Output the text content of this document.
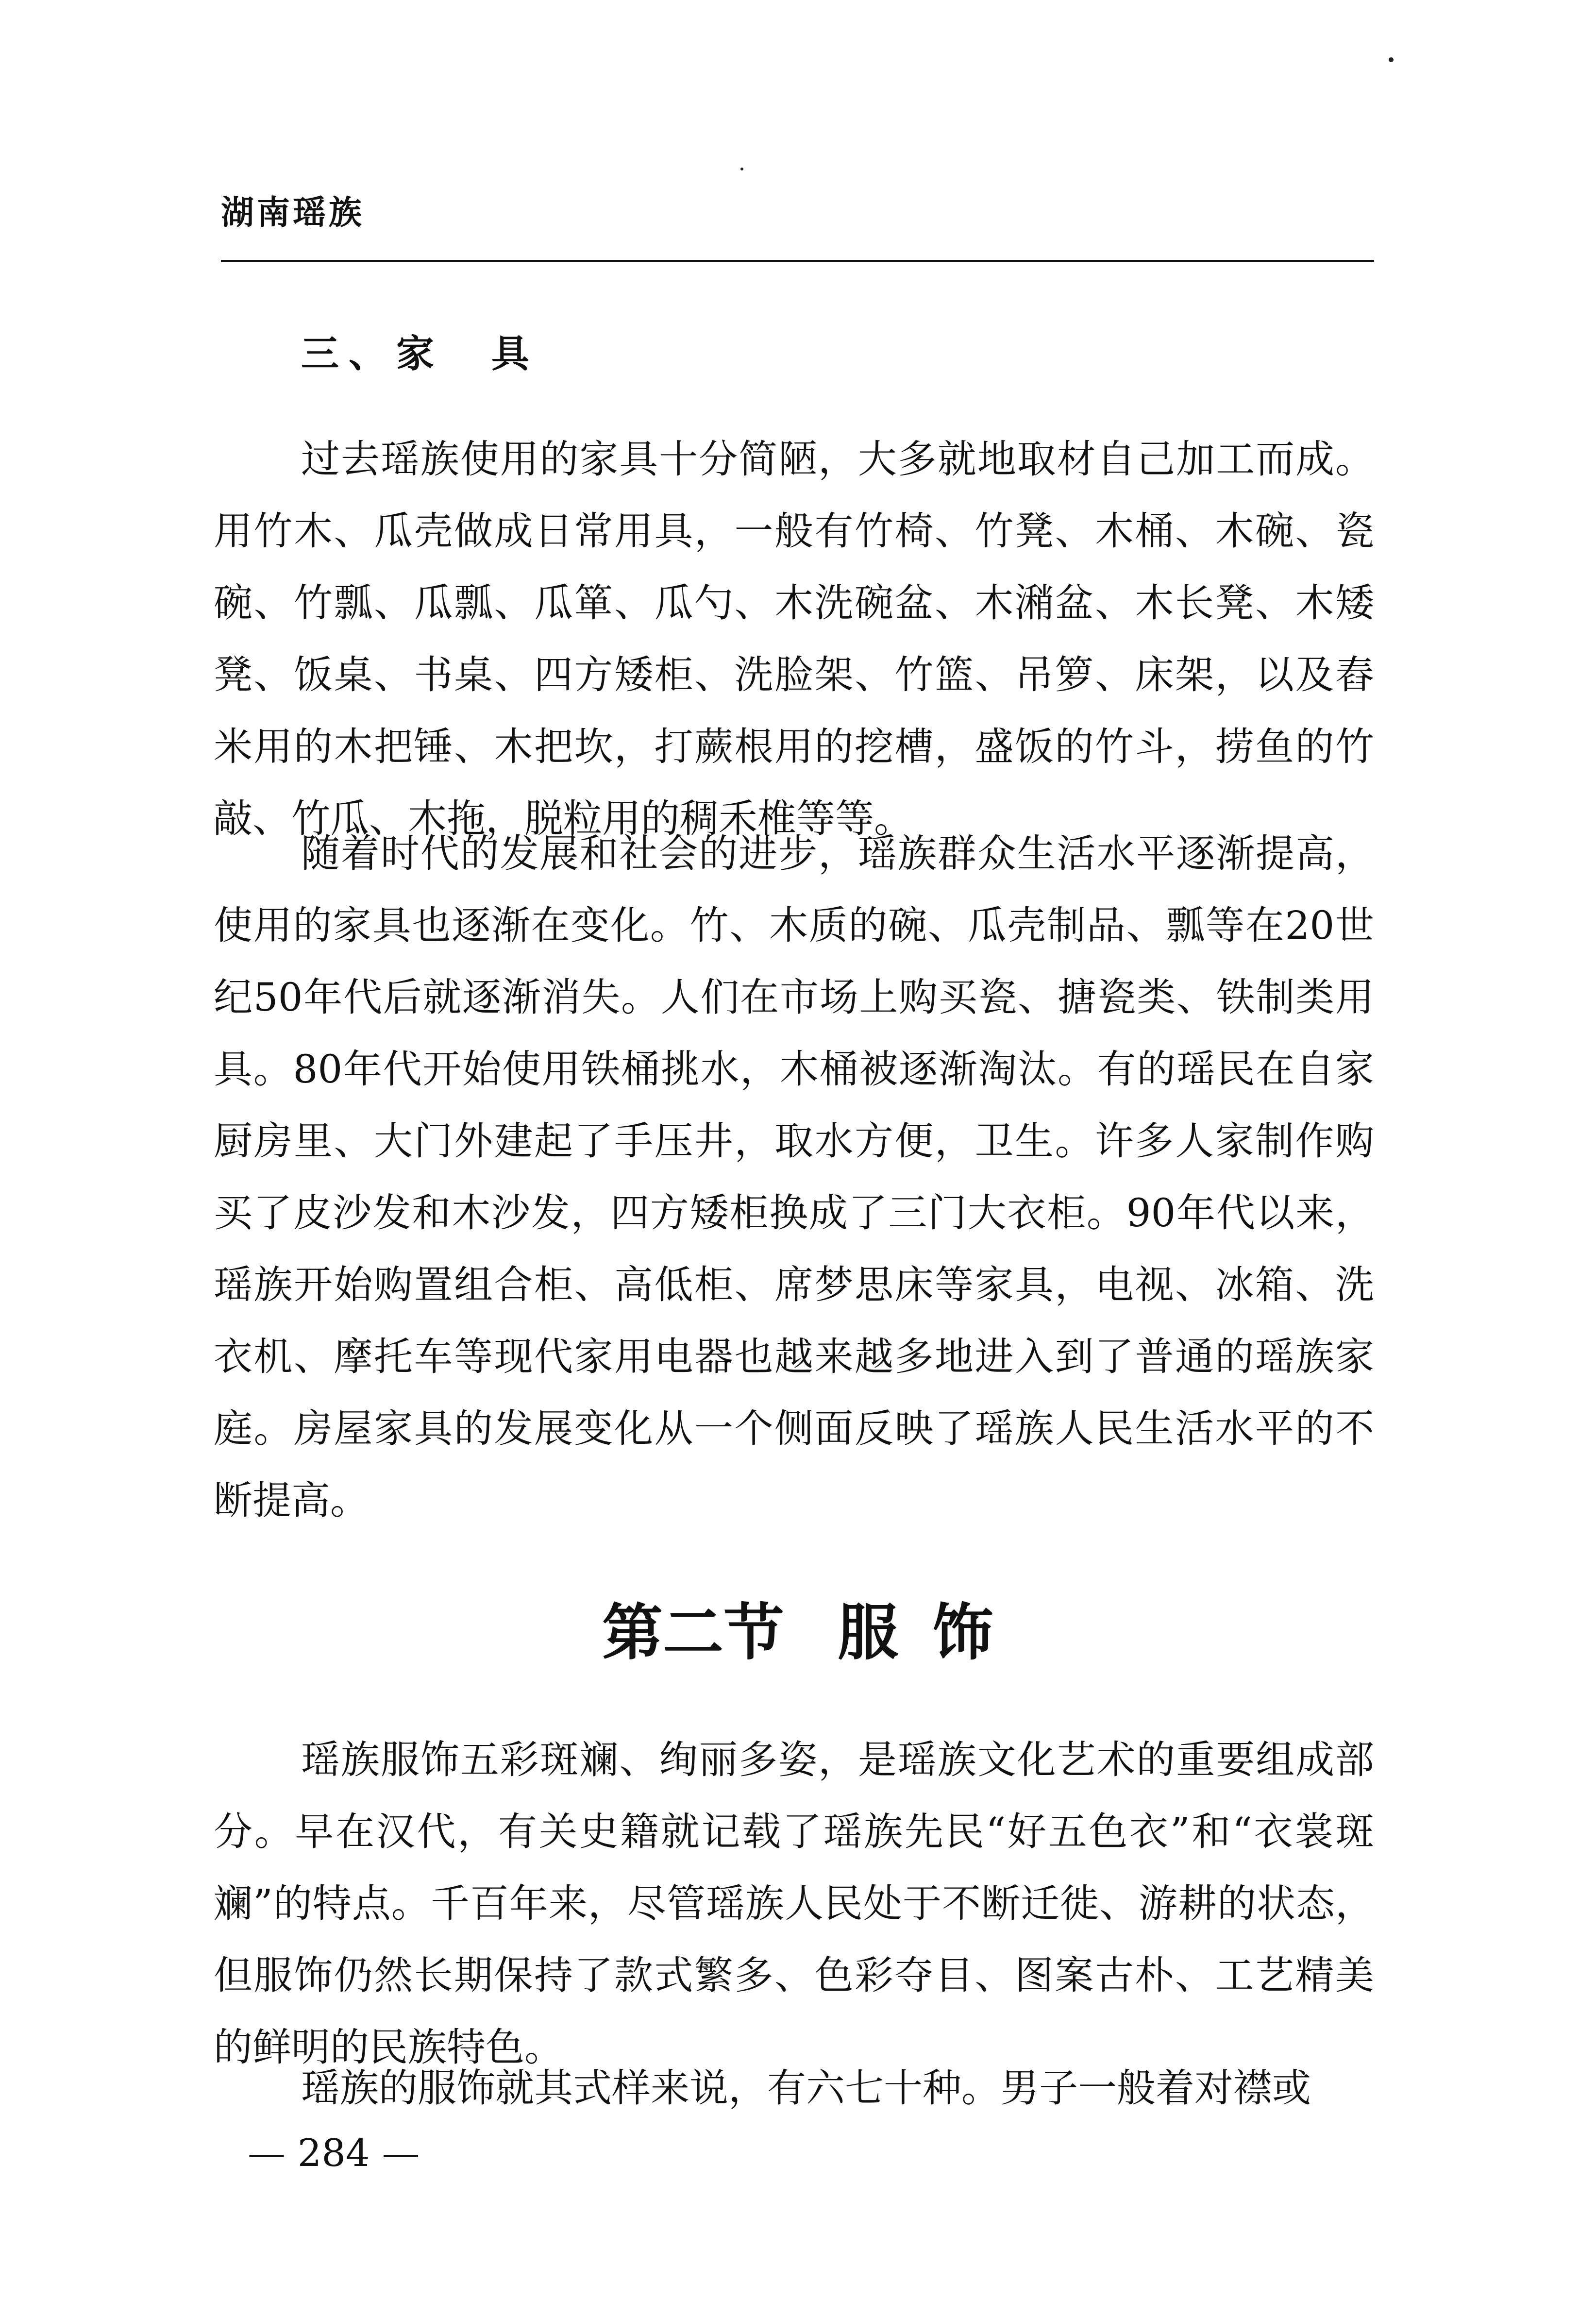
湖南瑶族
三、家　具

过去瑶族使用的家具十分简陋，大多就地取材自己加工而成。用竹木、瓜壳做成日常用具，一般有竹椅、竹凳、木桶、木碗、瓷碗、竹瓢、瓜瓢、瓜箪、瓜勺、木洗碗盆、木潲盆、木长凳、木矮凳、饭桌、书桌、四方矮柜、洗脸架、竹篮、吊箩、床架，以及舂米用的木把锤、木把坎，打蕨根用的挖槽，盛饭的竹斗，捞鱼的竹敲、竹瓜、木拖，脱粒用的稠禾椎等等。

随着时代的发展和社会的进步，瑶族群众生活水平逐渐提高，使用的家具也逐渐在变化。竹、木质的碗、瓜壳制品、瓢等在20世纪50年代后就逐渐消失。人们在市场上购买瓷、搪瓷类、铁制类用具。80年代开始使用铁桶挑水，木桶被逐渐淘汰。有的瑶民在自家厨房里、大门外建起了手压井，取水方便，卫生。许多人家制作购买了皮沙发和木沙发，四方矮柜换成了三门大衣柜。90年代以来，瑶族开始购置组合柜、高低柜、席梦思床等家具，电视、冰箱、洗衣机、摩托车等现代家用电器也越来越多地进入到了普通的瑶族家庭。房屋家具的发展变化从一个侧面反映了瑶族人民生活水平的不断提高。

第二节 服 饰

瑶族服饰五彩斑斓、绚丽多姿，是瑶族文化艺术的重要组成部分。早在汉代，有关史籍就记载了瑶族先民“好五色衣”和“衣裳斑斓”的特点。千百年来，尽管瑶族人民处于不断迁徙、游耕的状态，但服饰仍然长期保持了款式繁多、色彩夺目、图案古朴、工艺精美的鲜明的民族特色。

瑶族的服饰就其式样来说，有六七十种。男子一般着对襟或

— 284 —
